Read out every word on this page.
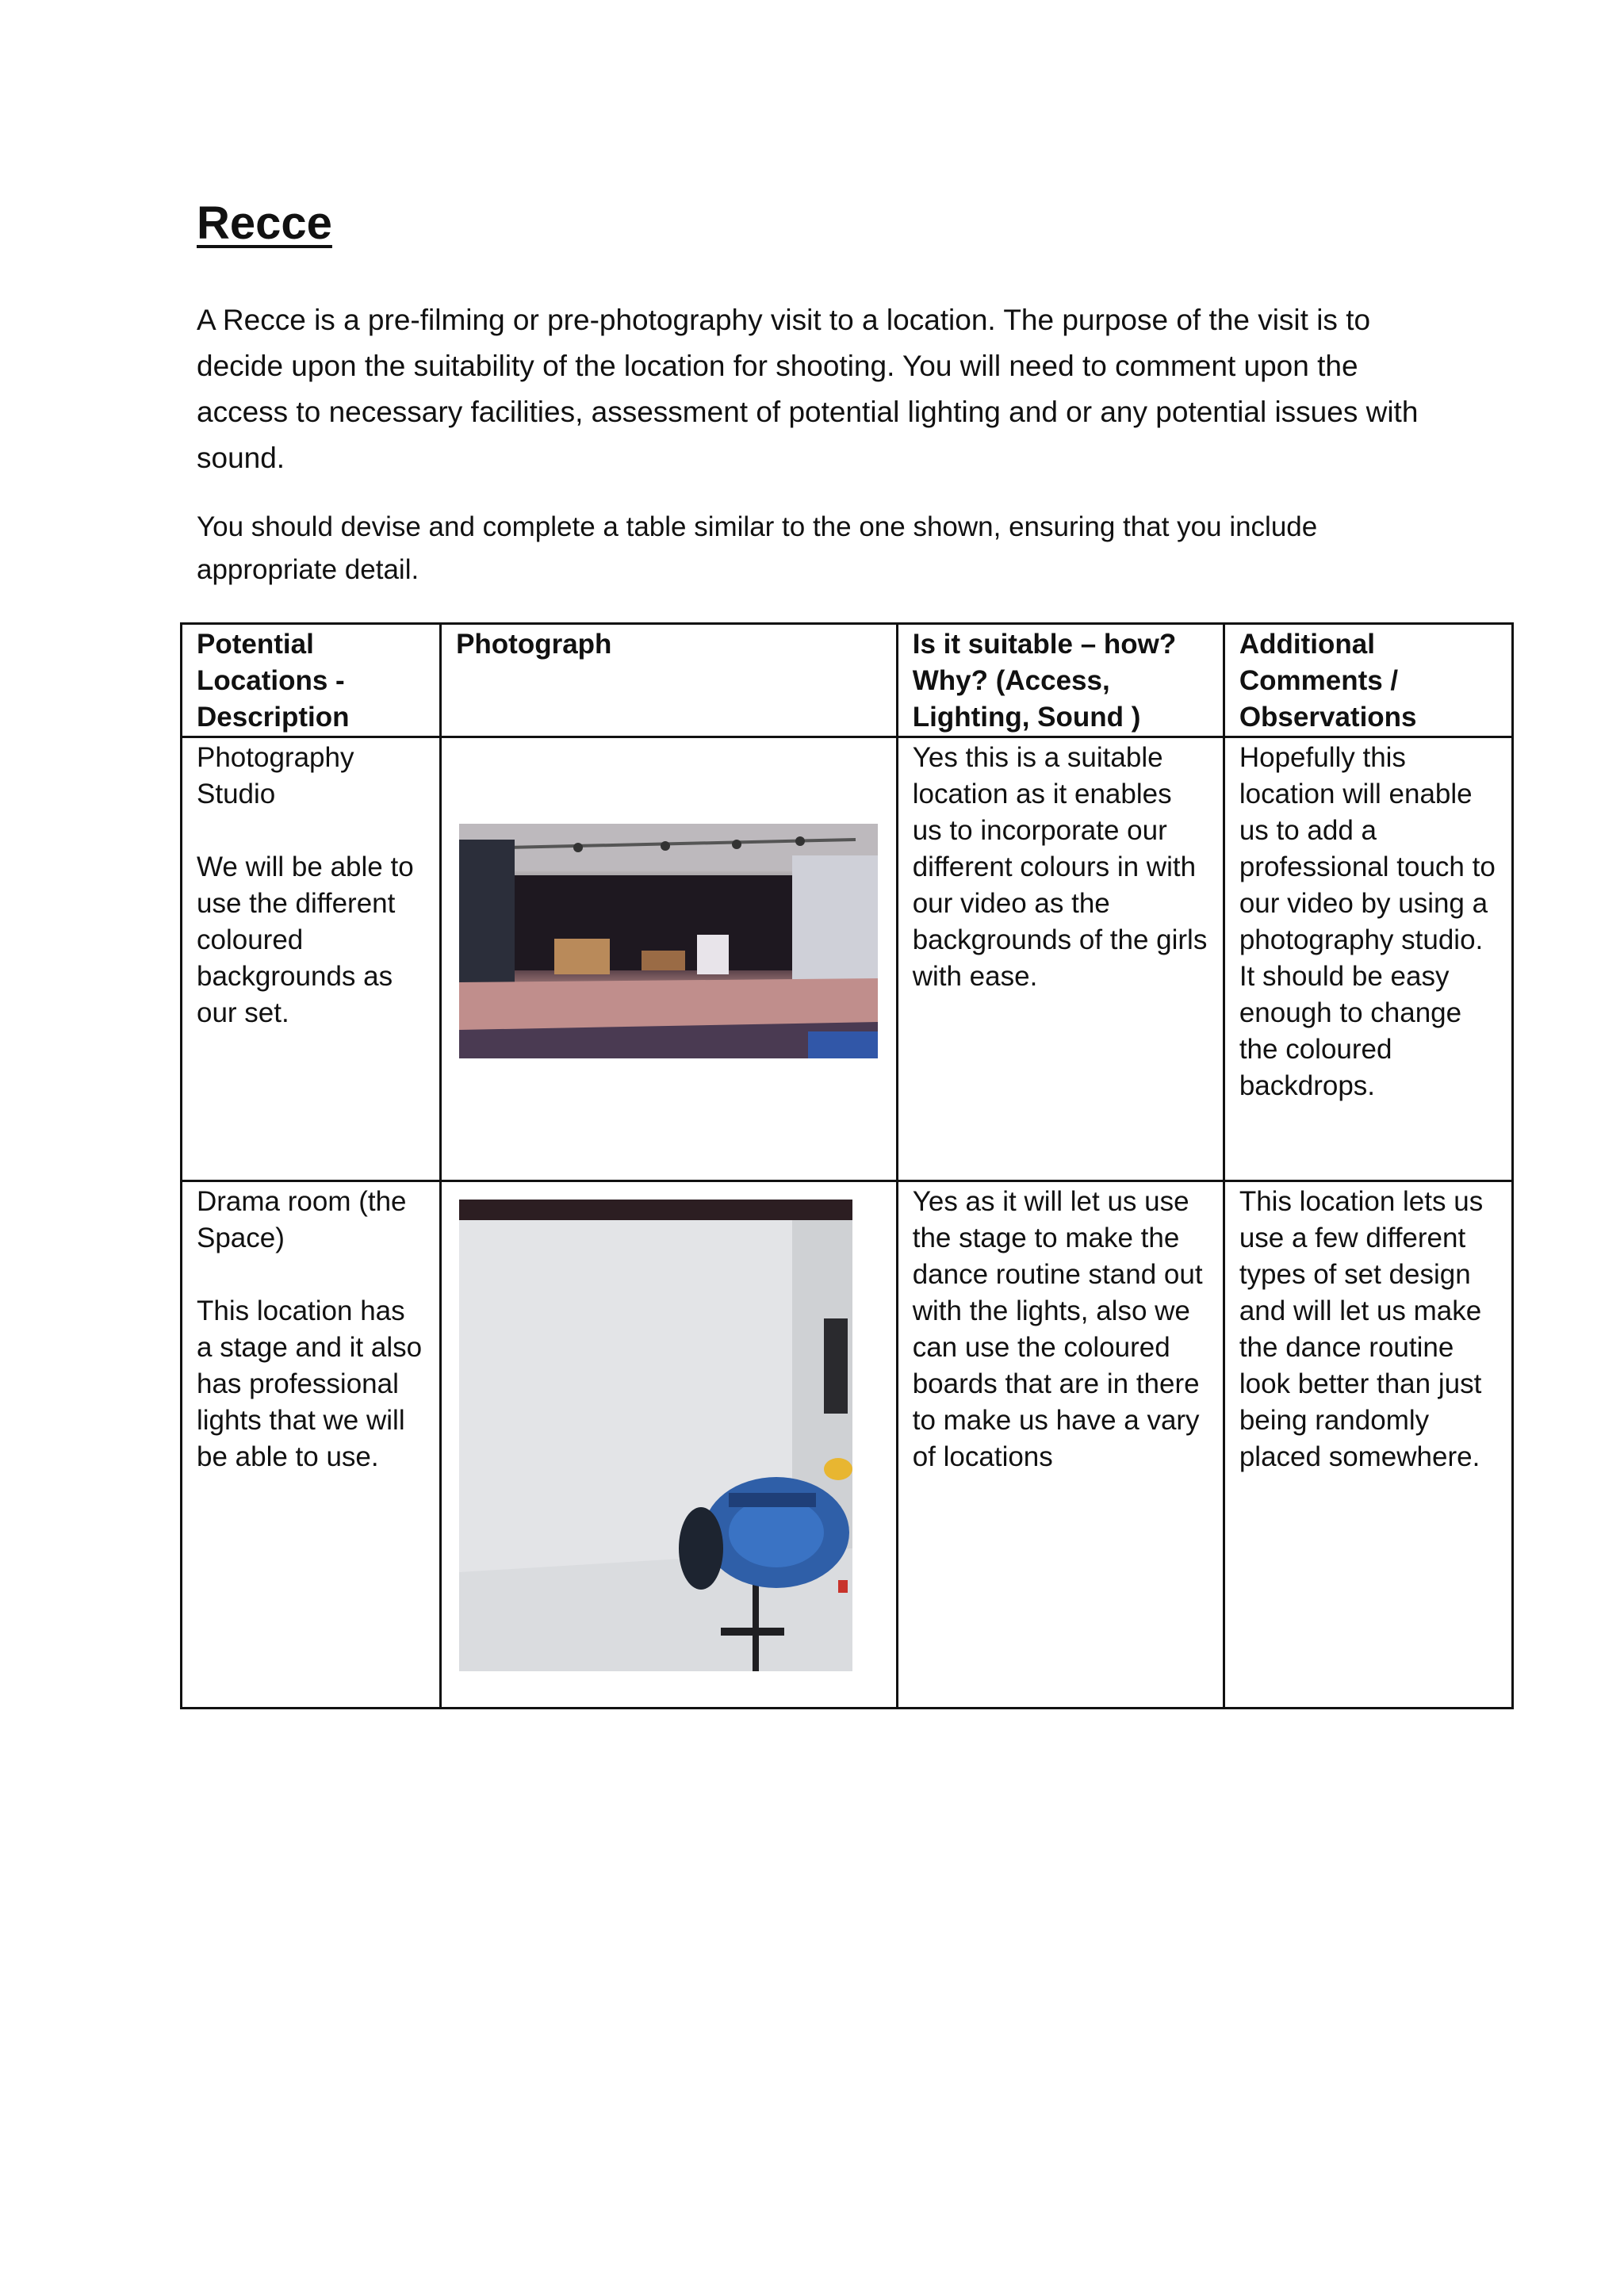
Recce

A Recce is a pre-filming or pre-photography visit to a location. The purpose of the visit is to decide upon the suitability of the location for shooting. You will need to comment upon the access to necessary facilities, assessment of potential lighting and or any potential issues with sound.

You should devise and complete a table similar to the one shown, ensuring that you include appropriate detail.

Potential Locations - Description	Photograph	Is it suitable – how? Why? (Access, Lighting, Sound )	Additional Comments / Observations

Photography Studio

We will be able to use the different coloured backgrounds as our set.		Yes this is a suitable location as it enables us to incorporate our different colours in with our video as the backgrounds of the girls with ease.	Hopefully this location will enable us to add a professional touch to our video by using a photography studio. It should be easy enough to change the coloured backdrops.

Drama room (the Space)

This location has a stage and it also has professional lights that we will be able to use.		Yes as it will let us use the stage to make the dance routine stand out with the lights, also we can use the coloured boards that are in there to make us have a vary of locations	This location lets us use a few different types of set design and will let us make the dance routine look better than just being randomly placed somewhere.
